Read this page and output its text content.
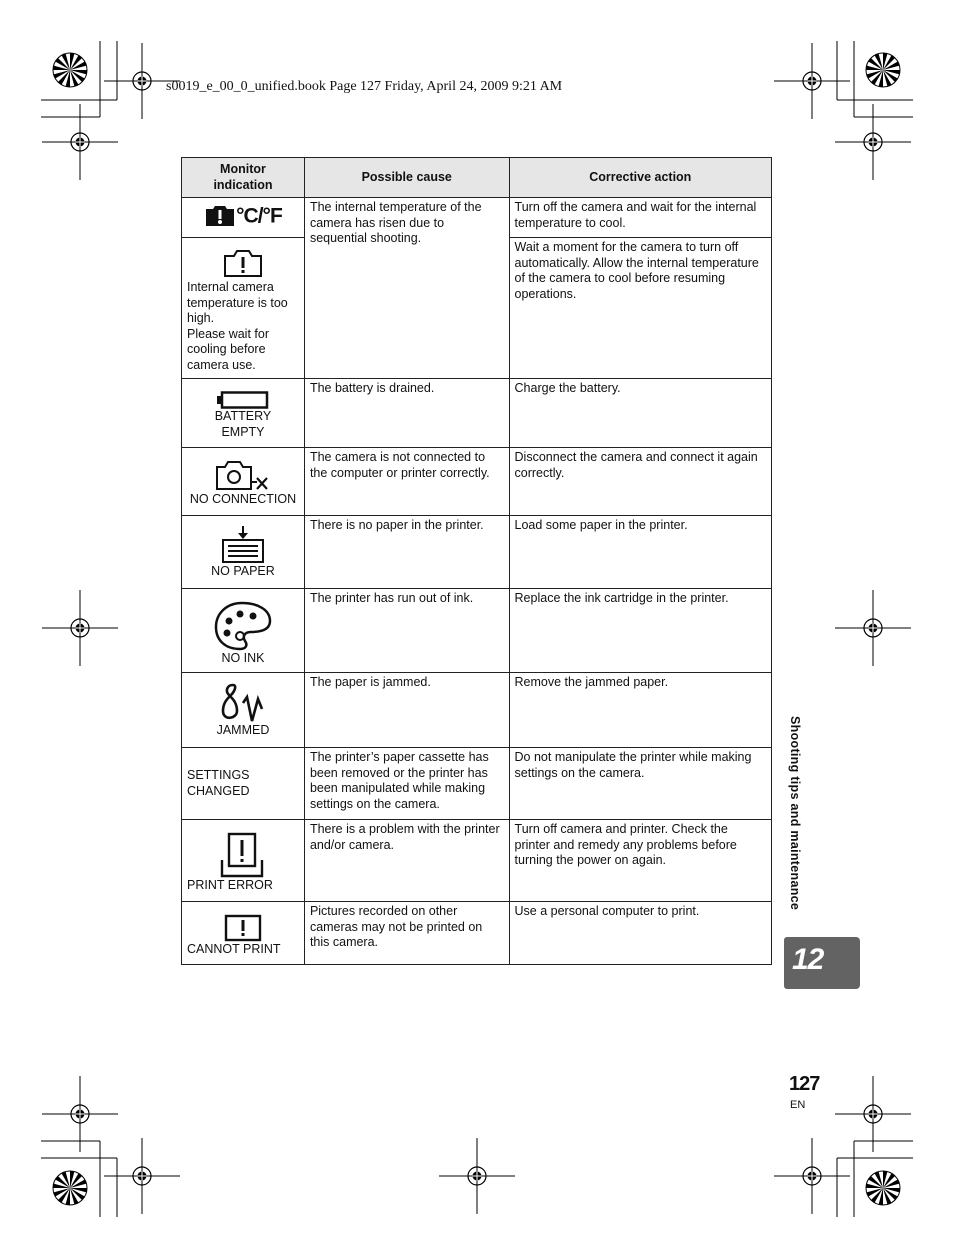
s0019_e_00_0_unified.book Page 127 Friday, April 24, 2009 9:21 AM
Monitor indication	Possible cause	Corrective action

°C/°F	The internal temperature of the camera has risen due to sequential shooting.	Turn off the camera and wait for the internal temperature to cool.

Internal camera temperature is too high.
Please wait for cooling before camera use.		Wait a moment for the camera to turn off automatically. Allow the internal temperature of the camera to cool before resuming operations.

BATTERY EMPTY	The battery is drained.	Charge the battery.

NO CONNECTION	The camera is not connected to the computer or printer correctly.	Disconnect the camera and connect it again correctly.

NO PAPER	There is no paper in the printer.	Load some paper in the printer.

NO INK	The printer has run out of ink.	Replace the ink cartridge in the printer.

JAMMED	The paper is jammed.	Remove the jammed paper.

SETTINGS CHANGED	The printer’s paper cassette has been removed or the printer has been manipulated while making settings on the camera.	Do not manipulate the printer while making settings on the camera.

PRINT ERROR	There is a problem with the printer and/or camera.	Turn off camera and printer. Check the printer and remedy any problems before turning the power on again.

CANNOT PRINT	Pictures recorded on other cameras may not be printed on this camera.	Use a personal computer to print.
Shooting tips and maintenance
12
127
EN
